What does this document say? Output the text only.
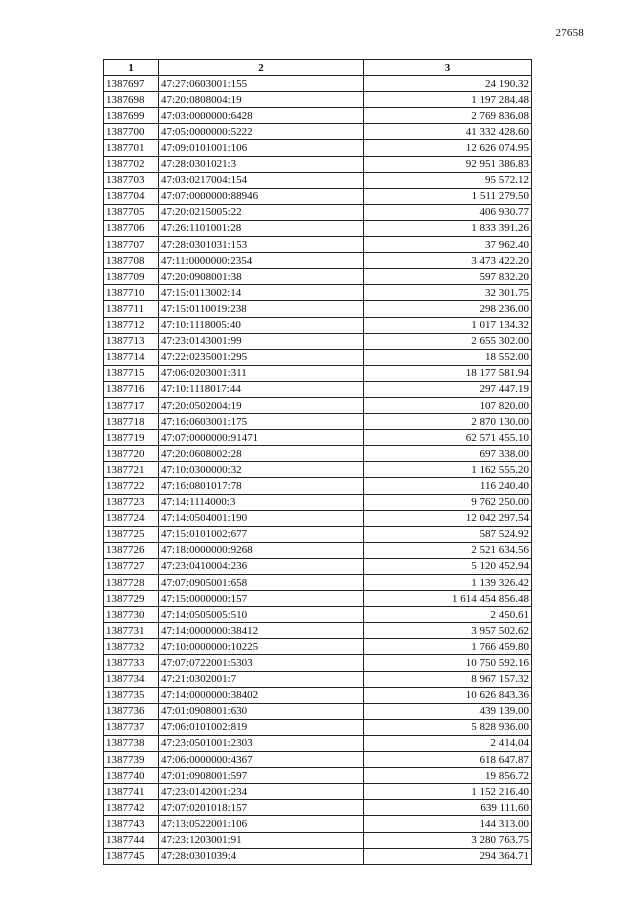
27658
1	2	3
1387697	47:27:0603001:155	24 190.32
1387698	47:20:0808004:19	1 197 284.48
1387699	47:03:0000000:6428	2 769 836.08
1387700	47:05:0000000:5222	41 332 428.60
1387701	47:09:0101001:106	12 626 074.95
1387702	47:28:0301021:3	92 951 386.83
1387703	47:03:0217004:154	95 572.12
1387704	47:07:0000000:88946	1 511 279.50
1387705	47:20:0215005:22	406 930.77
1387706	47:26:1101001:28	1 833 391.26
1387707	47:28:0301031:153	37 962.40
1387708	47:11:0000000:2354	3 473 422.20
1387709	47:20:0908001:38	597 832.20
1387710	47:15:0113002:14	32 301.75
1387711	47:15:0110019:238	298 236.00
1387712	47:10:1118005:40	1 017 134.32
1387713	47:23:0143001:99	2 655 302.00
1387714	47:22:0235001:295	18 552.00
1387715	47:06:0203001:311	18 177 581.94
1387716	47:10:1118017:44	297 447.19
1387717	47:20:0502004:19	107 820.00
1387718	47:16:0603001:175	2 870 130.00
1387719	47:07:0000000:91471	62 571 455.10
1387720	47:20:0608002:28	697 338.00
1387721	47:10:0300000:32	1 162 555.20
1387722	47:16:0801017:78	116 240.40
1387723	47:14:1114000:3	9 762 250.00
1387724	47:14:0504001:190	12 042 297.54
1387725	47:15:0101002:677	587 524.92
1387726	47:18:0000000:9268	2 521 634.56
1387727	47:23:0410004:236	5 120 452.94
1387728	47:07:0905001:658	1 139 326.42
1387729	47:15:0000000:157	1 614 454 856.48
1387730	47:14:0505005:510	2 450.61
1387731	47:14:0000000:38412	3 957 502.62
1387732	47:10:0000000:10225	1 766 459.80
1387733	47:07:0722001:5303	10 750 592.16
1387734	47:21:0302001:7	8 967 157.32
1387735	47:14:0000000:38402	10 626 843.36
1387736	47:01:0908001:630	439 139.00
1387737	47:06:0101002:819	5 828 936.00
1387738	47:23:0501001:2303	2 414.04
1387739	47:06:0000000:4367	618 647.87
1387740	47:01:0908001:597	19 856.72
1387741	47:23:0142001:234	1 152 216.40
1387742	47:07:0201018:157	639 111.60
1387743	47:13:0522001:106	144 313.00
1387744	47:23:1203001:91	3 280 763.75
1387745	47:28:0301039:4	294 364.71
